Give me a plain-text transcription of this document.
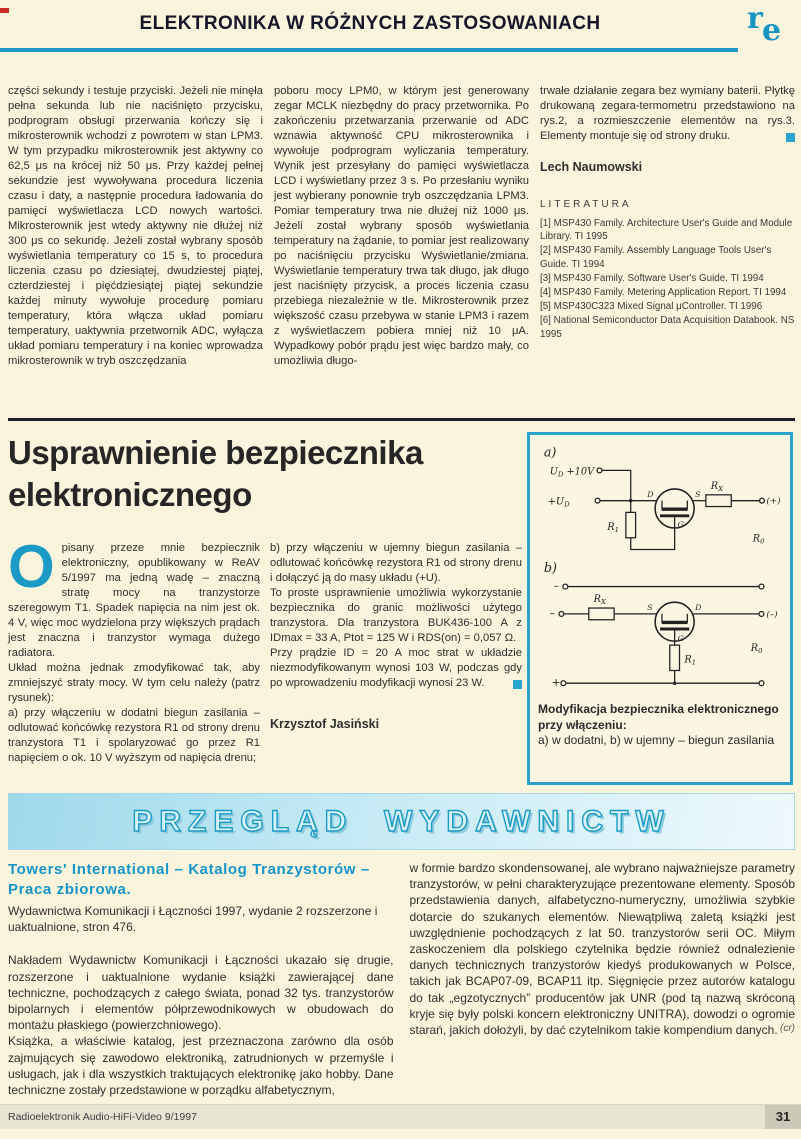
ELEKTRONIKA W RÓŻNYCH ZASTOSOWANIACH	r e

części sekundy i testuje przyciski. Jeżeli nie minęła pełna sekunda lub nie naciśnięto przycisku, podprogram obsługi przerwania kończy się i mikrosterownik wchodzi z powrotem w stan LPM3. W tym przypadku mikrosterownik jest aktywny co 62,5 μs na krócej niż 50 μs. Przy każdej pełnej sekundzie jest wywoływana procedura liczenia czasu i daty, a następnie procedura ładowania do pamięci wyświetlacza LCD nowych wartości. Mikrosterownik jest wtedy aktywny nie dłużej niż 300 μs co sekundę. Jeżeli został wybrany sposób wyświetlania temperatury co 15 s, to procedura liczenia czasu po dziesiątej, dwudziestej piątej, czterdziestej i pięćdziesiątej piątej sekundzie każdej minuty wywołuje procedurę pomiaru temperatury, która włącza układ pomiaru temperatury, uaktywnia przetwornik ADC, wyłącza układ pomiaru temperatury i na koniec wprowadza mikrosterownik w tryb oszczędzania

poboru mocy LPM0, w którym jest generowany zegar MCLK niezbędny do pracy przetwornika. Po zakończeniu przetwarzania przerwanie od ADC wznawia aktywność CPU mikrosterownika i wywołuje podprogram wyliczania temperatury. Wynik jest przesyłany do pamięci wyświetlacza LCD i wyświetlany przez 3 s. Po przesłaniu wyniku jest wybierany ponownie tryb oszczędzania LPM3. Pomiar temperatury trwa nie dłużej niż 1000 μs. Jeżeli został wybrany sposób wyświetlania temperatury na żądanie, to pomiar jest realizowany po naciśnięciu przycisku Wyświetlanie/zmiana. Wyświetlanie temperatury trwa tak długo, jak długo jest naciśnięty przycisk, a proces liczenia czasu przebiega niezależnie w tle. Mikrosterownik przez większość czasu przebywa w stanie LPM3 i razem z wyświetlaczem pobiera mniej niż 10 μA. Wypadkowy pobór prądu jest więc bardzo mały, co umożliwia długo-

trwałe działanie zegara bez wymiany baterii. Płytkę drukowaną zegara-termometru przedstawiono na rys.2, a rozmieszczenie elementów na rys.3. Elementy montuje się od strony druku.

Lech Naumowski
LITERATURA

[1] MSP430 Family. Architecture User's Guide and Module Library. TI 1995

[2] MSP430 Family. Assembly Language Tools User's Guide. TI 1994

[3] MSP430 Family. Software User's Guide. TI 1994

[4] MSP430 Family. Metering Application Report. TI 1994

[5] MSP430C323 Mixed Signal μController. TI 1996

[6] National Semiconductor Data Acquisition Databook. NS 1995

Usprawnienie bezpiecznika
elektronicznego

Opisany przeze mnie bezpiecznik elektroniczny, opublikowany w ReAV 5/1997 ma jedną wadę – znaczną stratę mocy na tranzystorze szeregowym T1. Spadek napięcia na nim jest ok. 4 V, więc moc wydzielona przy większych prądach jest znaczna i tranzystor wymaga dużego radiatora.

Układ można jednak zmodyfikować tak, aby zmniejszyć straty mocy. W tym celu należy (patrz rysunek):

a) przy włączeniu w dodatni biegun zasilania – odlutować końcówkę rezystora R1 od strony drenu tranzystora T1 i spolaryzować go przez R1 napięciem o ok. 10 V wyższym od napięcia drenu;

b) przy włączeniu w ujemny biegun zasilania – odlutować końcówkę rezystora R1 od strony drenu i dołączyć ją do masy układu (+U).

To proste usprawnienie umożliwia wykorzystanie bezpiecznika do granic możliwości użytego tranzystora. Dla tranzystora BUK436-100 A z IDmax = 33 A, Ptot = 125 W i RDS(on) = 0,057 Ω.

Przy prądzie ID = 20 A moc strat w układzie niezmodyfikowanym wynosi 103 W, podczas gdy po wprowadzeniu modyfikacji wynosi 23 W.

Krzysztof Jasiński
a)
$U_D +10V$
$+U_D$
$R_1$
D	S
G
$R_X$
(+)
$R_0$
b)
–
–
$R_X$
S	D
G
(–)
$R_1$
+
$R_0$
Modyfikacja bezpiecznika elektronicznego przy włączeniu:
a) w dodatni, b) w ujemny – biegun zasilania
PRZEGLĄD  WYDAWNICTW
Towers' International – Katalog Tranzystorów – Praca zbiorowa.

Wydawnictwa Komunikacji i Łączności 1997, wydanie 2 rozszerzone i uaktualnione, stron 476.

Nakładem Wydawnictw Komunikacji i Łączności ukazało się drugie, rozszerzone i uaktualnione wydanie książki zawierającej dane techniczne, pochodzących z całego świata, ponad 32 tys. tranzystorów bipolarnych i elementów półprzewodnikowych w obudowach do montażu płaskiego (powierzchniowego).

Książka, a właściwie katalog, jest przeznaczona zarówno dla osób zajmujących się zawodowo elektroniką, zatrudnionych w przemyśle i usługach, jak i dla wszystkich traktujących elektronikę jako hobby. Dane techniczne zostały przedstawione w porządku alfabetycznym,

w formie bardzo skondensowanej, ale wybrano najważniejsze parametry tranzystorów, w pełni charakteryzujące prezentowane elementy. Sposób przedstawienia danych, alfabetyczno-numeryczny, umożliwia szybkie dotarcie do szukanych elementów. Niewątpliwą zaletą książki jest uwzględnienie pochodzących z lat 50. tranzystorów serii OC. Miłym zaskoczeniem dla polskiego czytelnika będzie również odnalezienie danych technicznych tranzystorów kiedyś produkowanych w Polsce, takich jak BCAP07-09, BCAP11 itp. Sięgnięcie przez autorów katalogu do tak „egzotycznych” producentów jak UNR (pod tą nazwą skróconą kryje się były polski koncern elektroniczny UNITRA), dowodzi o ogromie starań, jakich dołożyli, by dać czytelnikom takie kompendium danych. (cr)

Radioelektronik Audio-HiFi-Video 9/1997	31
